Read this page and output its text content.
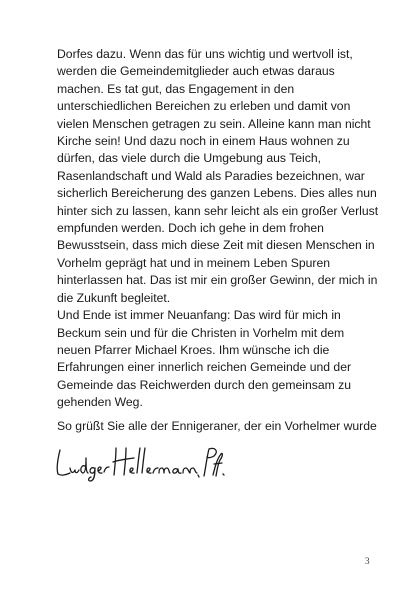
Dorfes dazu. Wenn das für uns wichtig und wertvoll ist,
werden die Gemeindemitglieder auch etwas daraus
machen. Es tat gut, das Engagement in den
unterschiedlichen Bereichen zu erleben und damit von
vielen Menschen getragen zu sein. Alleine kann man nicht
Kirche sein! Und dazu noch in einem Haus wohnen zu
dürfen, das viele durch die Umgebung aus Teich,
Rasenlandschaft und Wald als Paradies bezeichnen, war
sicherlich Bereicherung des ganzen Lebens. Dies alles nun
hinter sich zu lassen, kann sehr leicht als ein großer Verlust
empfunden werden. Doch ich gehe in dem frohen
Bewusstsein, dass mich diese Zeit mit diesen Menschen in
Vorhelm geprägt hat und in meinem Leben Spuren
hinterlassen hat. Das ist mir ein großer Gewinn, der mich in
die Zukunft begleitet.
Und Ende ist immer Neuanfang: Das wird für mich in
Beckum sein und für die Christen in Vorhelm mit dem
neuen Pfarrer Michael Kroes. Ihm wünsche ich die
Erfahrungen einer innerlich reichen Gemeinde und der
Gemeinde das Reichwerden durch den gemeinsam zu
gehenden Weg.

So grüßt Sie alle der Ennigeraner, der ein Vorhelmer wurde

3
